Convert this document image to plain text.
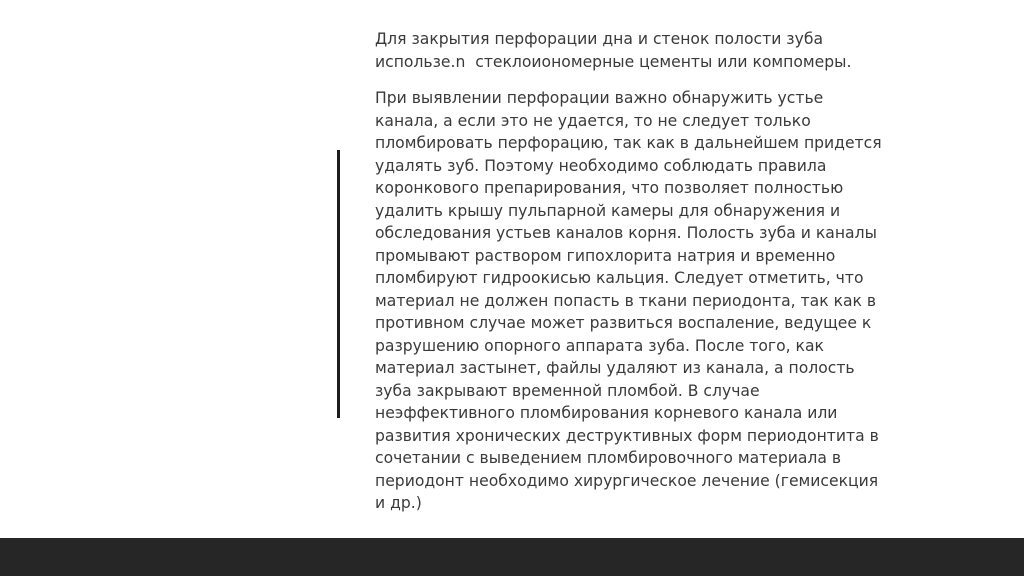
Для закрытия перфорации дна и стенок полости зуба
использе.n  стеклоиономерные цементы или компомеры.

При выявлении перфорации важно обнаружить устье
канала, а если это не удается, то не следует только
пломбировать перфорацию, так как в дальнейшем придется
удалять зуб. Поэтому необходимо соблюдать правила
коронкового препарирования, что позволяет полностью
удалить крышу пульпарной камеры для обнаружения и
обследования устьев каналов корня. Полость зуба и каналы
промывают раствором гипохлорита натрия и временно
пломбируют гидроокисью кальция. Следует отметить, что
материал не должен попасть в ткани периодонта, так как в
противном случае может развиться воспаление, ведущее к
разрушению опорного аппарата зуба. После того, как
материал застынет, файлы удаляют из канала, а полость
зуба закрывают временной пломбой. В случае
неэффективного пломбирования корневого канала или
развития хронических деструктивных форм периодонтита в
сочетании с выведением пломбировочного материала в
периодонт необходимо хирургическое лечение (гемисекция
и др.)
